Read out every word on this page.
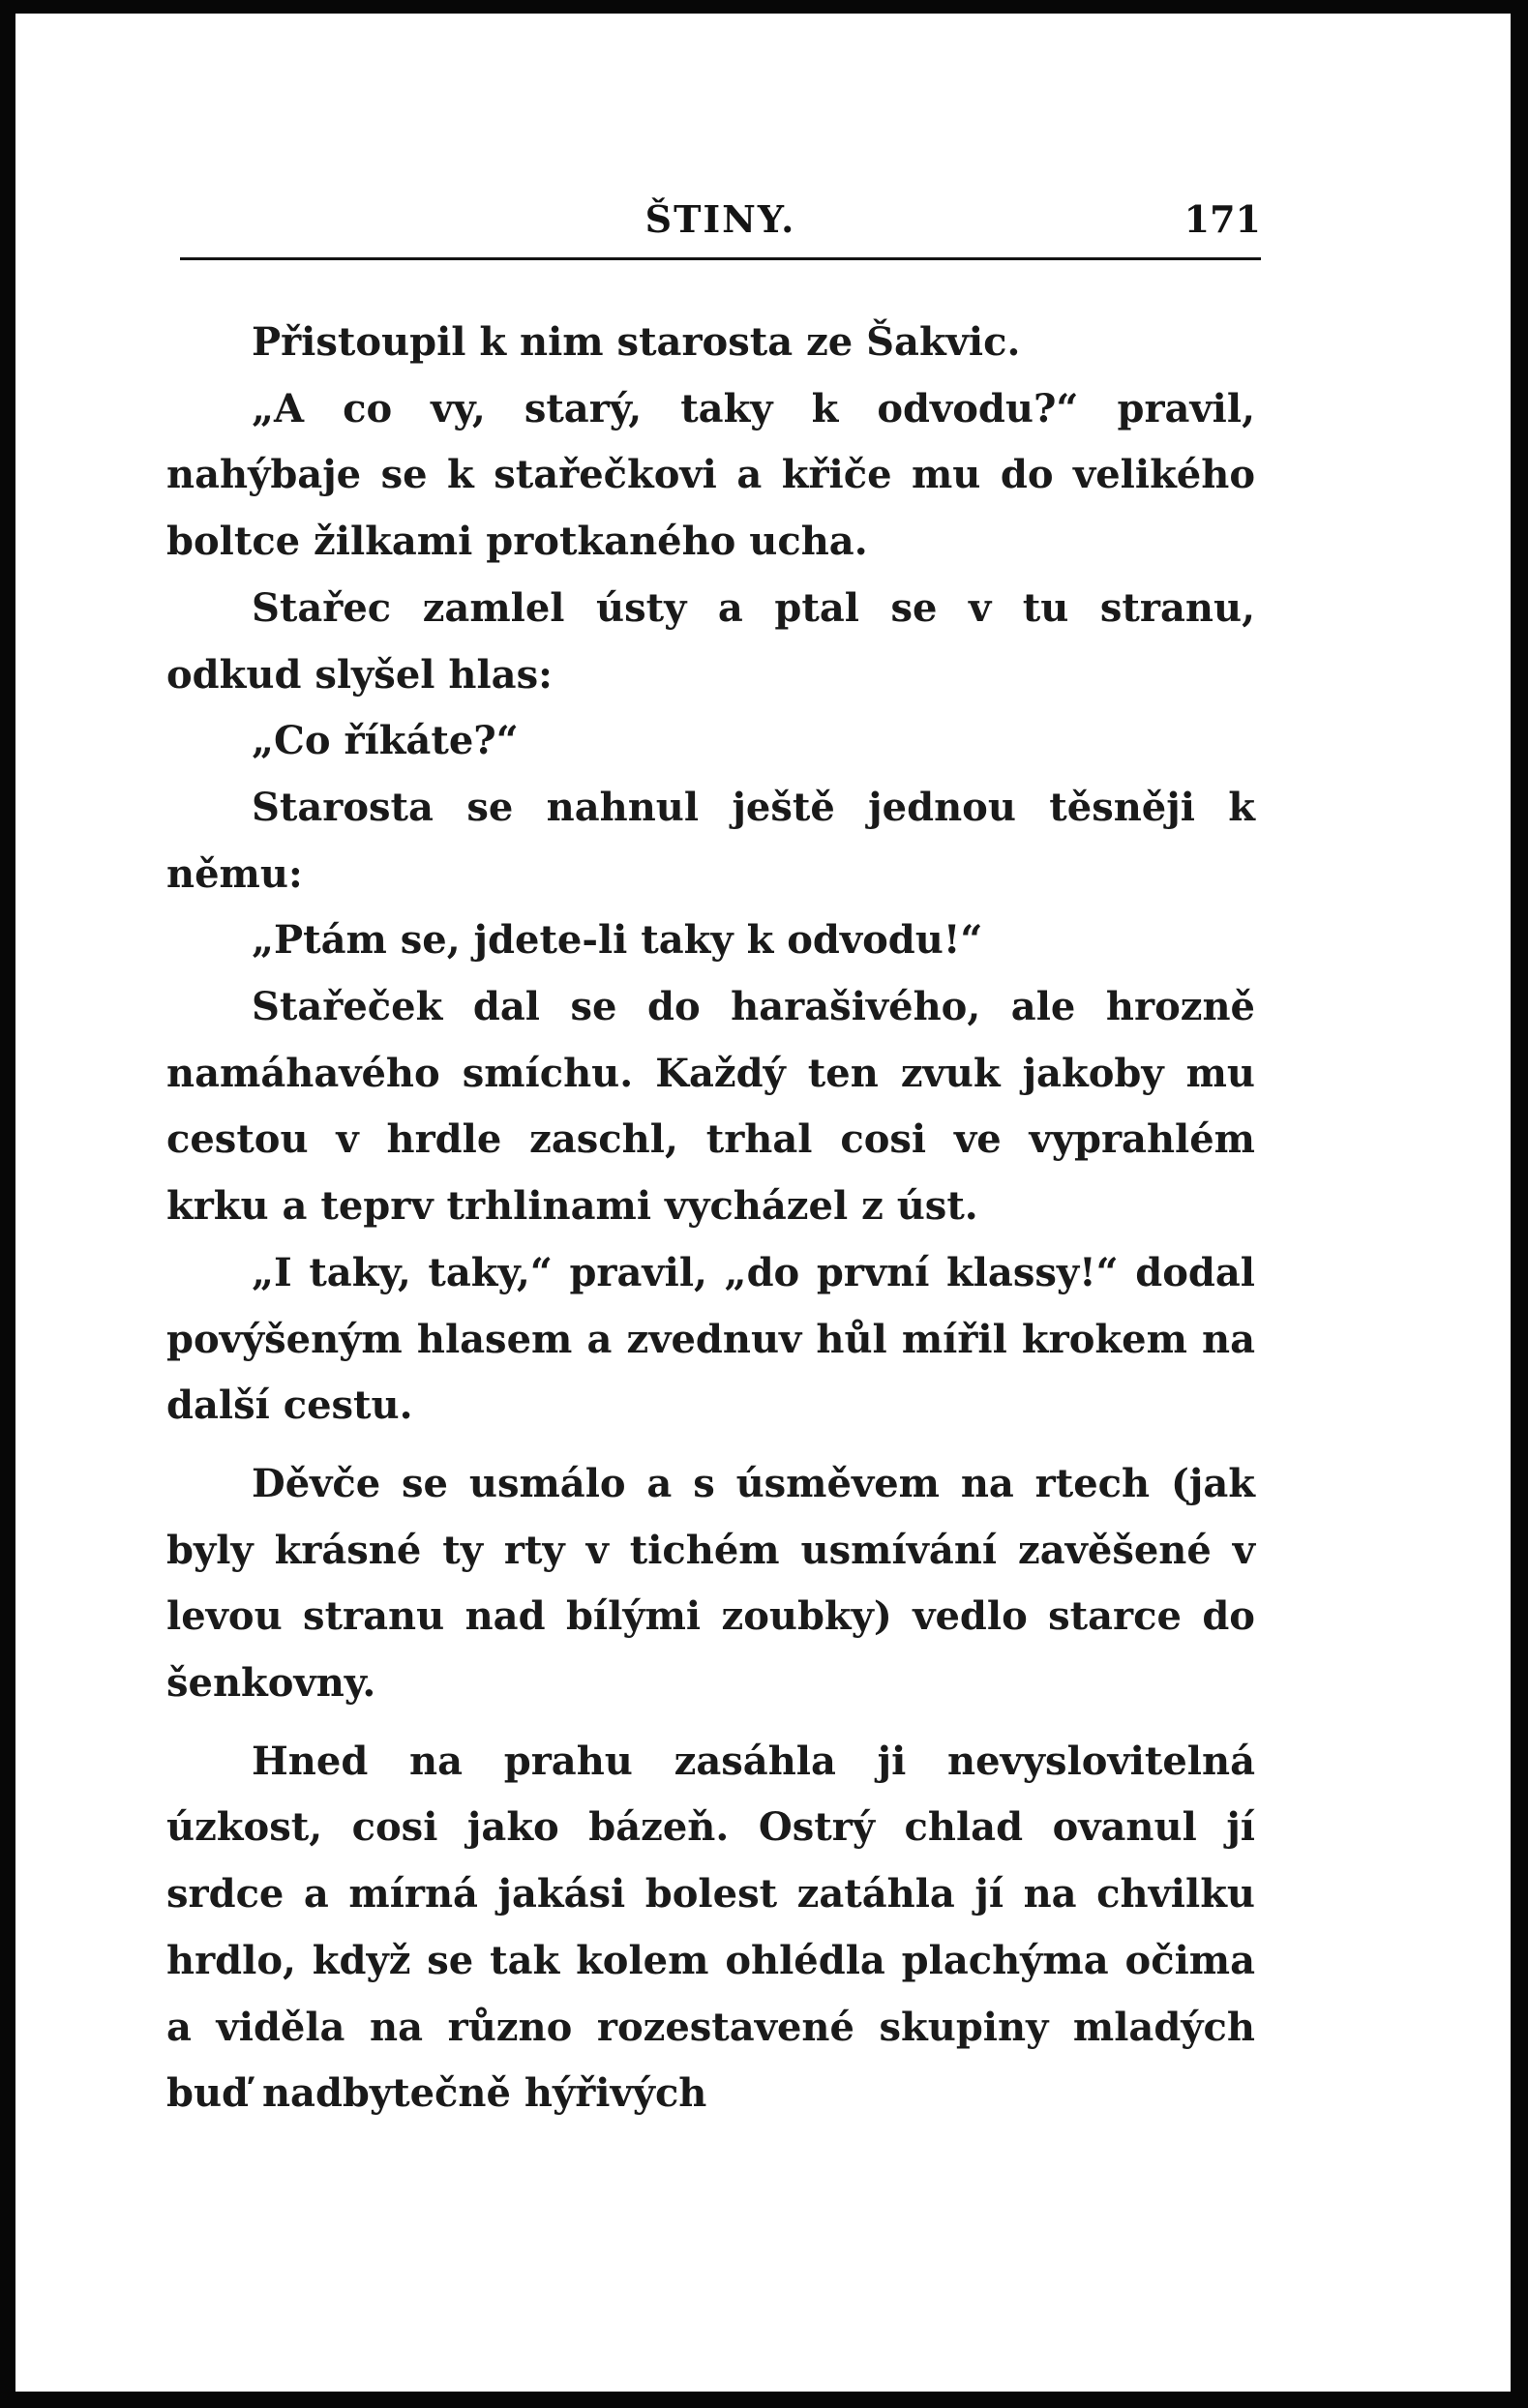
ŠTINY.	171

Přistoupil k nim starosta ze Šakvic.

„A co vy, starý, taky k odvodu?“ pravil, nahýbaje se k stařečkovi a křiče mu do velikého boltce žilkami protkaného ucha.

Stařec zamlel ústy a ptal se v tu stranu, odkud slyšel hlas:

„Co říkáte?“

Starosta se nahnul ještě jednou těsněji k němu:

„Ptám se, jdete-li taky k odvodu!“

Stařeček dal se do harašivého, ale hrozně namáhavého smíchu. Každý ten zvuk jakoby mu cestou v hrdle zaschl, trhal cosi ve vyprahlém krku a teprv trhlinami vycházel z úst.

„I taky, taky,“ pravil, „do první klassy!“ dodal povýšeným hlasem a zvednuv hůl mířil krokem na další cestu.

Děvče se usmálo a s úsměvem na rtech (jak byly krásné ty rty v tichém usmívání zavěšené v levou stranu nad bílými zoubky) vedlo starce do šenkovny.

Hned na prahu zasáhla ji nevyslovitelná úzkost, cosi jako bázeň. Ostrý chlad ovanul jí srdce a mírná jakási bolest zatáhla jí na chvilku hrdlo, když se tak kolem ohlédla plachýma očima a viděla na různo rozestavené skupiny mladých buď nadbytečně hýřivých
